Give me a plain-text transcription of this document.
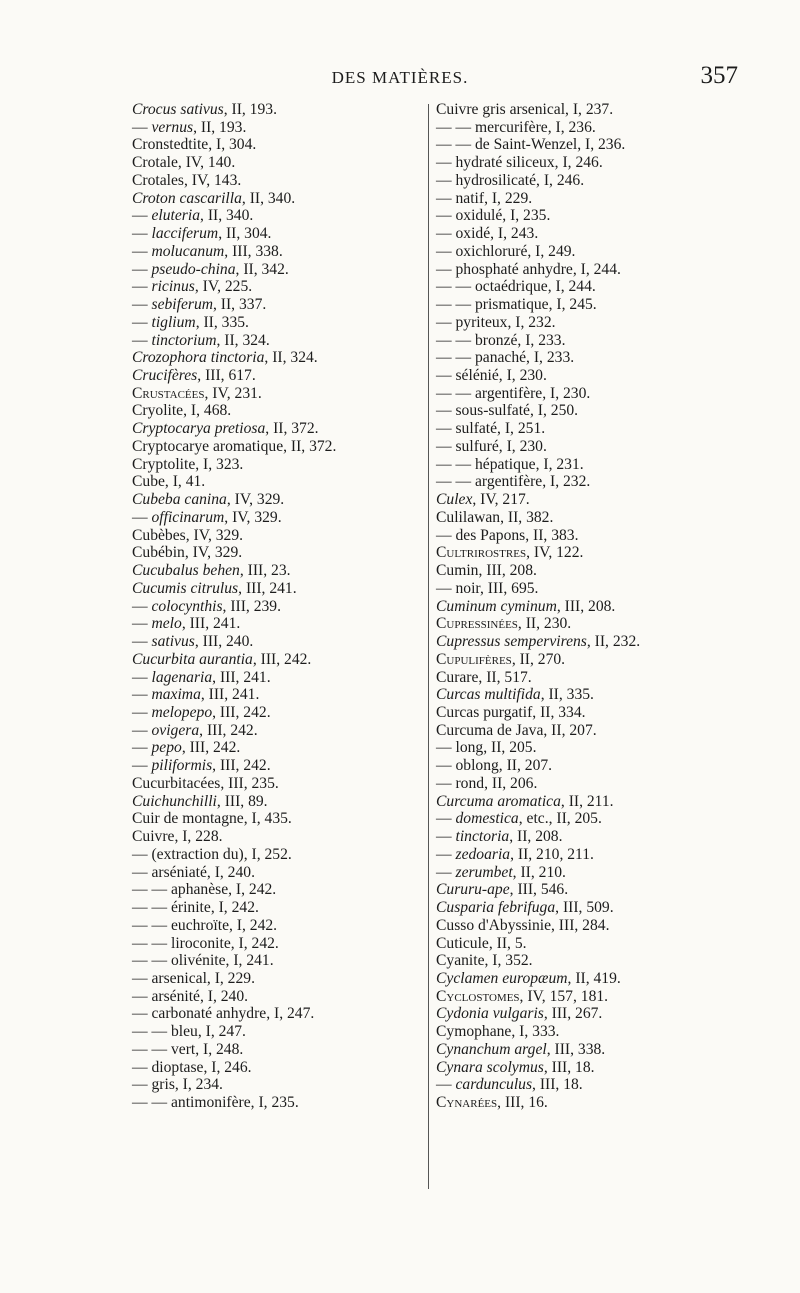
DES MATIÈRES.	357
Crocus sativus, II, 193.
— vernus, II, 193.
Cronstedtite, I, 304.
Crotale, IV, 140.
Crotales, IV, 143.
Croton cascarilla, II, 340.
— eluteria, II, 340.
— lacciferum, II, 304.
— molucanum, III, 338.
— pseudo-china, II, 342.
— ricinus, IV, 225.
— sebiferum, II, 337.
— tiglium, II, 335.
— tinctorium, II, 324.
Crozophora tinctoria, II, 324.
Crucifères, III, 617.
Crustacées, IV, 231.
Cryolite, I, 468.
Cryptocarya pretiosa, II, 372.
Cryptocarye aromatique, II, 372.
Cryptolite, I, 323.
Cube, I, 41.
Cubeba canina, IV, 329.
— officinarum, IV, 329.
Cubèbes, IV, 329.
Cubébin, IV, 329.
Cucubalus behen, III, 23.
Cucumis citrulus, III, 241.
— colocynthis, III, 239.
— melo, III, 241.
— sativus, III, 240.
Cucurbita aurantia, III, 242.
— lagenaria, III, 241.
— maxima, III, 241.
— melopepo, III, 242.
— ovigera, III, 242.
— pepo, III, 242.
— piliformis, III, 242.
Cucurbitacées, III, 235.
Cuichunchilli, III, 89.
Cuir de montagne, I, 435.
Cuivre, I, 228.
— (extraction du), I, 252.
— arséniaté, I, 240.
— — aphanèse, I, 242.
— — érinite, I, 242.
— — euchroïte, I, 242.
— — liroconite, I, 242.
— — olivénite, I, 241.
— arsenical, I, 229.
— arsénité, I, 240.
— carbonaté anhydre, I, 247.
— — bleu, I, 247.
— — vert, I, 248.
— dioptase, I, 246.
— gris, I, 234.
— — antimonifère, I, 235.
Cuivre gris arsenical, I, 237.
— — mercurifère, I, 236.
— — de Saint-Wenzel, I, 236.
— hydraté siliceux, I, 246.
— hydrosilicaté, I, 246.
— natif, I, 229.
— oxidulé, I, 235.
— oxidé, I, 243.
— oxichloruré, I, 249.
— phosphaté anhydre, I, 244.
— — octaédrique, I, 244.
— — prismatique, I, 245.
— pyriteux, I, 232.
— — bronzé, I, 233.
— — panaché, I, 233.
— sélénié, I, 230.
— — argentifère, I, 230.
— sous-sulfaté, I, 250.
— sulfaté, I, 251.
— sulfuré, I, 230.
— — hépatique, I, 231.
— — argentifère, I, 232.
Culex, IV, 217.
Culilawan, II, 382.
— des Papons, II, 383.
Cultrirostres, IV, 122.
Cumin, III, 208.
— noir, III, 695.
Cuminum cyminum, III, 208.
Cupressinées, II, 230.
Cupressus sempervirens, II, 232.
Cupulifères, II, 270.
Curare, II, 517.
Curcas multifida, II, 335.
Curcas purgatif, II, 334.
Curcuma de Java, II, 207.
— long, II, 205.
— oblong, II, 207.
— rond, II, 206.
Curcuma aromatica, II, 211.
— domestica, etc., II, 205.
— tinctoria, II, 208.
— zedoaria, II, 210, 211.
— zerumbet, II, 210.
Cururu-ape, III, 546.
Cusparia febrifuga, III, 509.
Cusso d'Abyssinie, III, 284.
Cuticule, II, 5.
Cyanite, I, 352.
Cyclamen europæum, II, 419.
Cyclostomes, IV, 157, 181.
Cydonia vulgaris, III, 267.
Cymophane, I, 333.
Cynanchum argel, III, 338.
Cynara scolymus, III, 18.
— cardunculus, III, 18.
Cynarées, III, 16.
